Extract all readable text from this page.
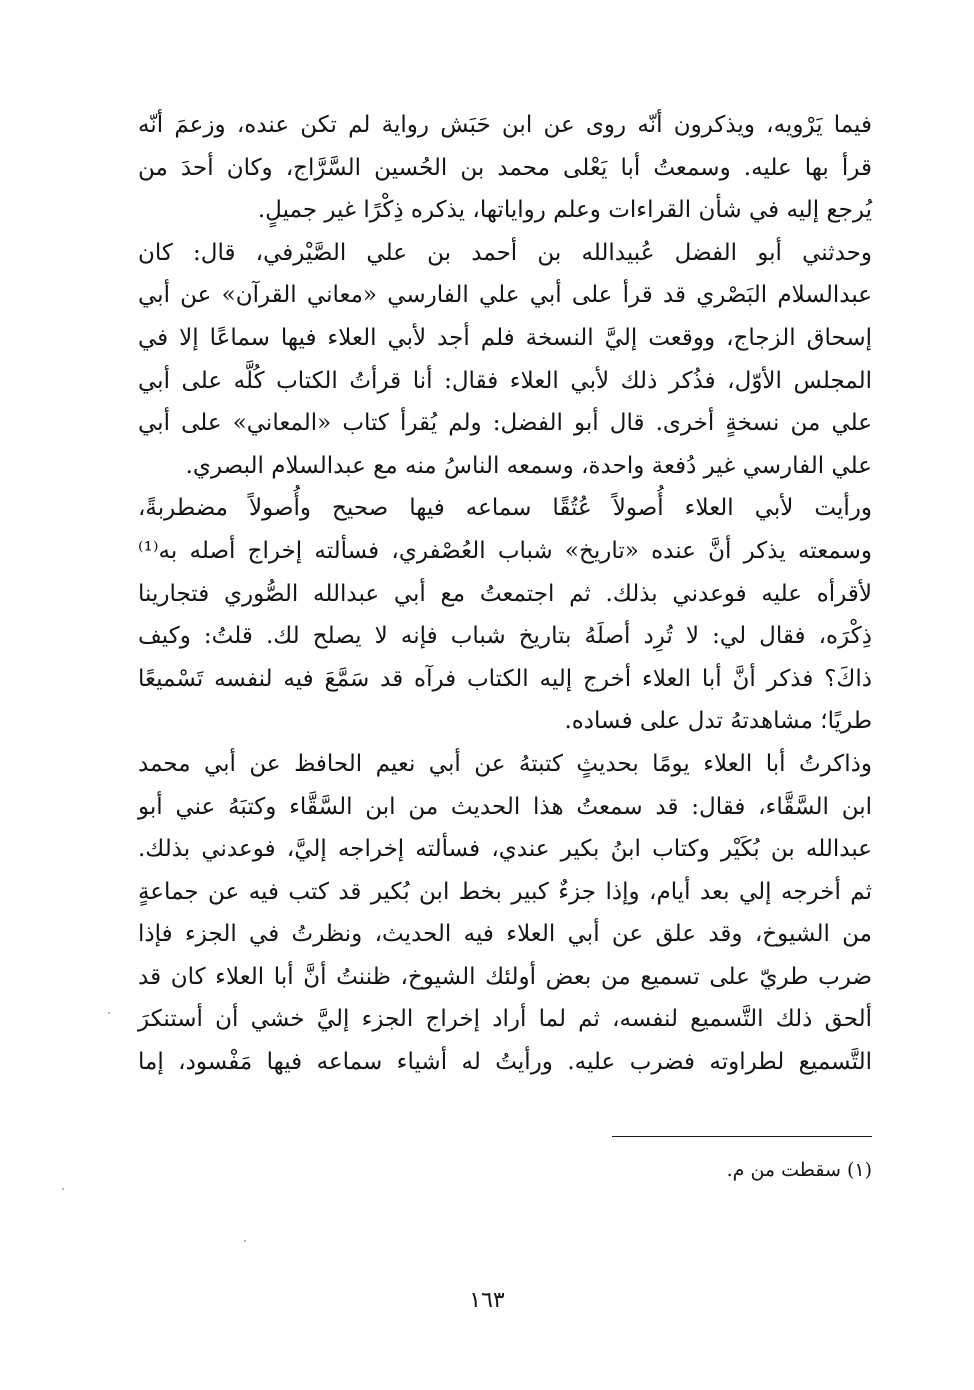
فيما يَرْويه، ويذكرون أنّه روى عن ابن حَبَش رواية لم تكن عنده، وزعمَ أنّه
قرأ بها عليه. وسمعتُ أبا يَعْلى محمد بن الحُسين السَّرَّاج، وكان أحدَ من
يُرجع إليه في شأن القراءات وعلم رواياتها، يذكره ذِكْرًا غير جميلٍ.
وحدثني أبو الفضل عُبيدالله بن أحمد بن علي الصَّيْرفي، قال: كان
عبدالسلام البَصْري قد قرأ على أبي علي الفارسي «معاني القرآن» عن أبي
إسحاق الزجاج، ووقعت إليَّ النسخة فلم أجد لأبي العلاء فيها سماعًا إلا في
المجلس الأوّل، فذُكر ذلك لأبي العلاء فقال: أنا قرأتُ الكتاب كُلَّه على أبي
علي من نسخةٍ أخرى. قال أبو الفضل: ولم يُقرأ كتاب «المعاني» على أبي
علي الفارسي غير دُفعة واحدة، وسمعه الناسُ منه مع عبدالسلام البصري.
ورأيت لأبي العلاء أُصولاً عُتُقًا سماعه فيها صحيح وأُصولاً مضطربةً،
وسمعته يذكر أنَّ عنده «تاريخ» شباب العُصْفري، فسألته إخراج أصله به⁽¹⁾
لأقرأه عليه فوعدني بذلك. ثم اجتمعتُ مع أبي عبدالله الصُّوري فتجارينا
ذِكْرَه، فقال لي: لا تُرِد أصلَهُ بتاريخ شباب فإنه لا يصلح لك. قلتُ: وكيف
ذاكَ؟ فذكر أنَّ أبا العلاء أخرج إليه الكتاب فرآه قد سَمَّعَ فيه لنفسه تَسْميعًا
طريًا؛ مشاهدتهُ تدل على فساده.
وذاكرتُ أبا العلاء يومًا بحديثٍ كتبتهُ عن أبي نعيم الحافظ عن أبي محمد
ابن السَّقَّاء، فقال: قد سمعتُ هذا الحديث من ابن السَّقَّاء وكتبَهُ عني أبو
عبدالله بن بُكَيْر وكتاب ابنُ بكير عندي، فسألته إخراجه إليَّ، فوعدني بذلك.
ثم أخرجه إلي بعد أيام، وإذا جزءٌ كبير بخط ابن بُكير قد كتب فيه عن جماعةٍ
من الشيوخ، وقد علق عن أبي العلاء فيه الحديث، ونظرتُ في الجزء فإذا
ضرب طريّ على تسميع من بعض أولئك الشيوخ، ظننتُ أنَّ أبا العلاء كان قد
ألحق ذلك التَّسميع لنفسه، ثم لما أراد إخراج الجزء إليَّ خشي أن أستنكرَ
التَّسميع لطراوته فضرب عليه. ورأيتُ له أشياء سماعه فيها مَفْسود، إما
(١) سقطت من م.
١٦٣
